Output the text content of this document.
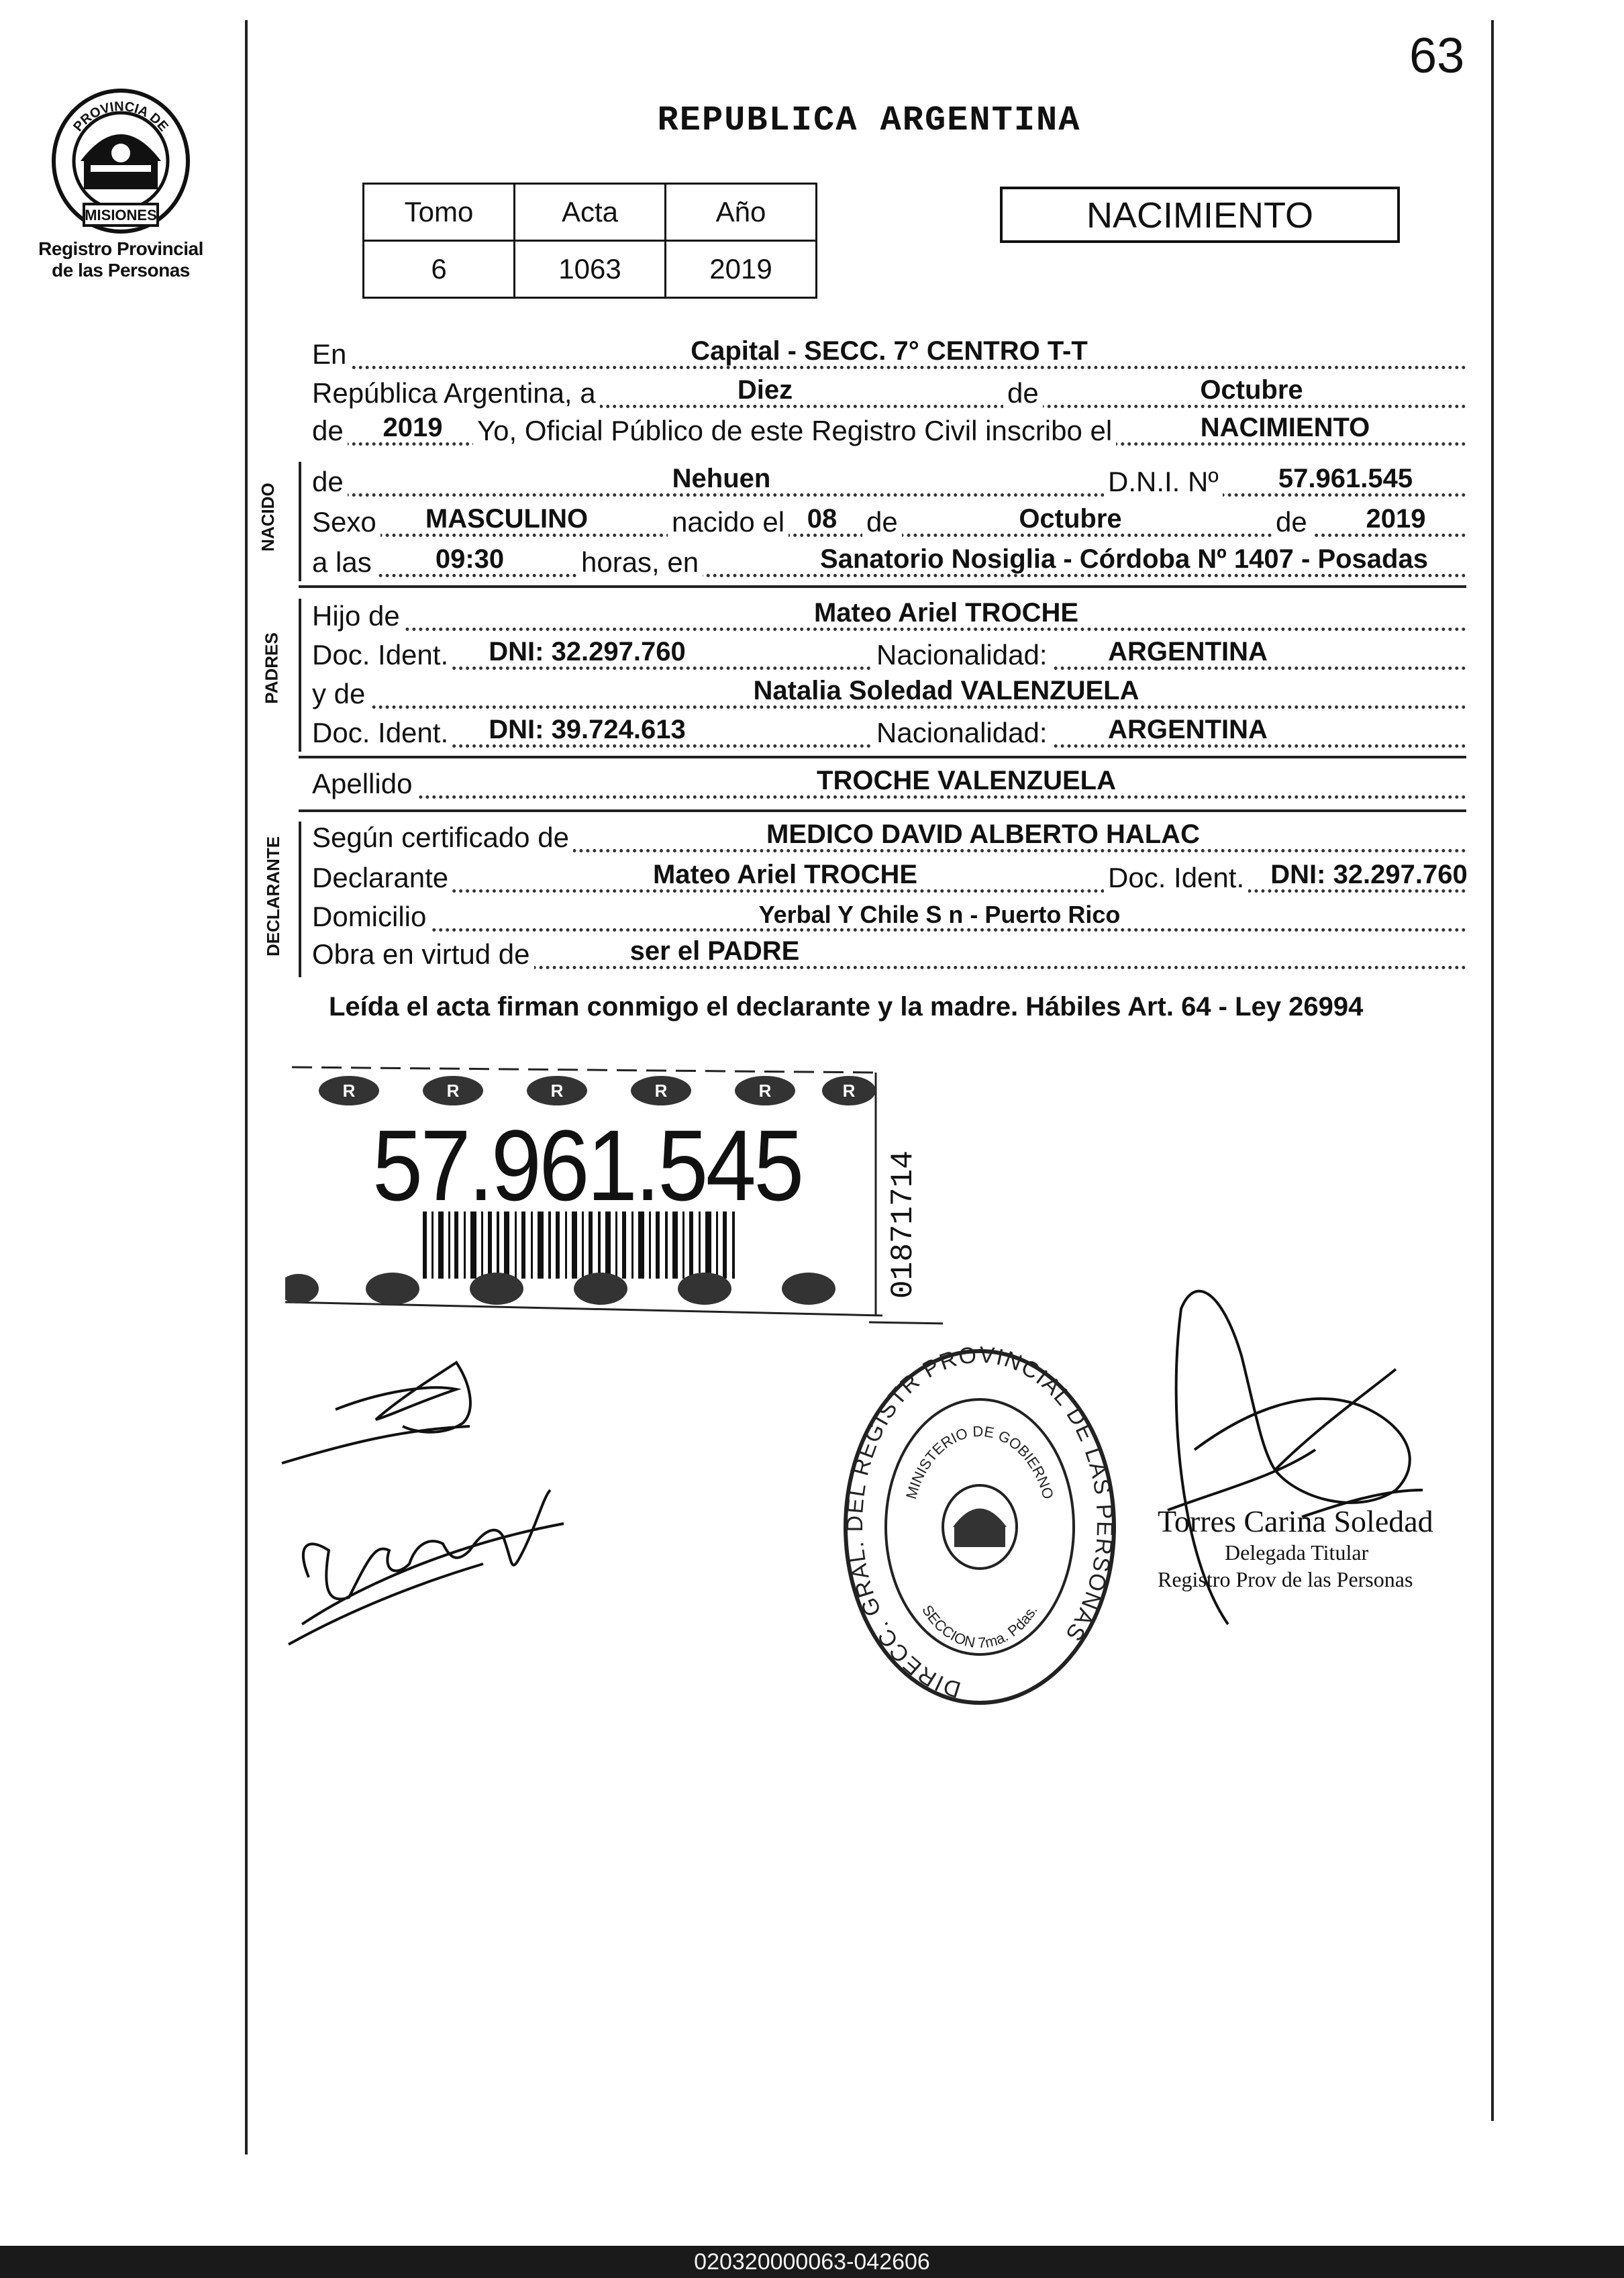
63
PROVINCIA DE
MISIONES
Registro Provincial
de las Personas
REPUBLICA ARGENTINA
Tomo	Acta	Año
6	1063	2019
NACIMIENTO
En	Capital - SECC. 7° CENTRO T-T
República Argentina, a	Diez	de	Octubre
de 2019 Yo, Oficial Público de este Registro Civil inscribo el	NACIMIENTO
NACIDO
de	Nehuen	D.N.I. Nº 57.961.545
Sexo MASCULINO	nacido el 08 de	Octubre	de 2019
a las 09:30	horas, en	Sanatorio Nosiglia - Córdoba Nº 1407 - Posadas
PADRES
Hijo de	Mateo Ariel TROCHE
Doc. Ident. DNI: 32.297.760	Nacionalidad: ARGENTINA
y de	Natalia Soledad VALENZUELA
Doc. Ident. DNI: 39.724.613	Nacionalidad: ARGENTINA
Apellido	TROCHE VALENZUELA
DECLARANTE Según certificado de	MEDICO DAVID ALBERTO HALAC
Declarante	Mateo Ariel TROCHE	Doc. Ident. DNI: 32.297.760
Domicilio	Yerbal Y Chile S n - Puerto Rico
Obra en virtud de	ser el PADRE
Leída el acta firman conmigo el declarante y la madre. Hábiles Art. 64 - Ley 26994
R	R	R	R	R	R
57.961.545	01871714
DIRECC. GRAL. DEL REGISTR PROVINCIAL DE LAS PERSONAS
MINISTERIO DE GOBIERNO
SECCION 7ma. Pdas.
Torres Carina Soledad
Delegada Titular
Registro Prov de las Personas
020320000063-042606
